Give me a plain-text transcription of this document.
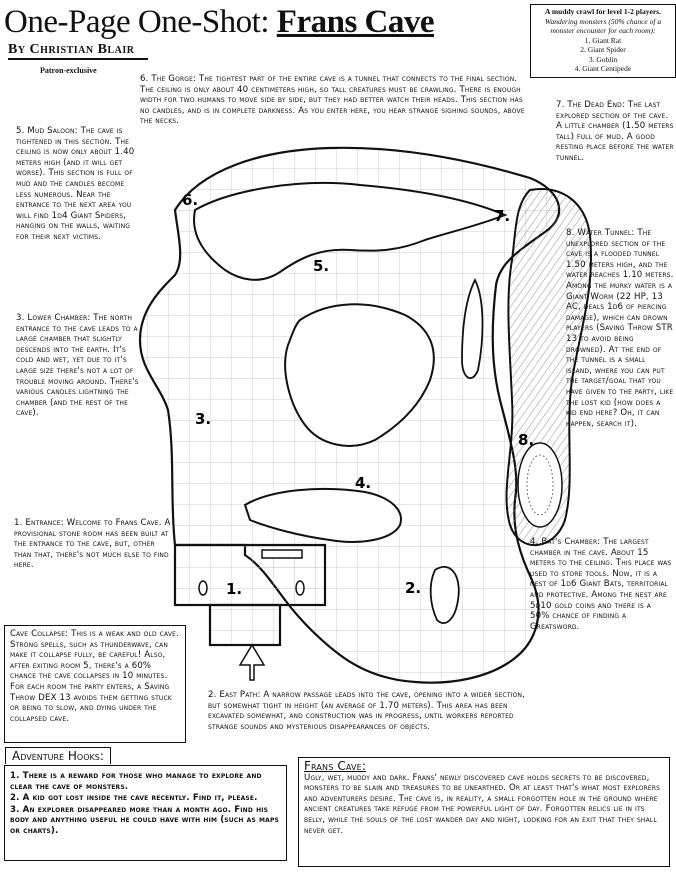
One-Page One-Shot: Frans Cave
By Christian Blair
Patron-exclusive
A muddy crawl for level 1-2 players.
Wandering monsters (50% chance of a monster encounter for each room):
1. Giant Rat
2. Giant Spider
3. Goblin
4. Giant Centipede
1.	2.
3.
4.
5.
6.
7.
8.
6. The Gorge: The tightest part of the entire cave is a tunnel that connects to the final section. The ceiling is only about 40 centimeters high, so tall creatures must be crawling. There is enough width for two humans to move side by side, but they had better watch their heads. This section has no candles, and is in complete darkness. As you enter here, you hear strange sighing sounds, above the necks.
5. Mud Saloon: The cave is tightened in this section. The ceiling is now only about 1.40 meters high (and it will get worse). This section is full of mud and the candles become less numerous. Near the entrance to the next area you will find 1d4 Giant Spiders, hanging on the walls, waiting for their next victims.
3. Lower Chamber: The north entrance to the cave leads to a large chamber that slightly descends into the earth. It's cold and wet, yet due to it's large size there's not a lot of trouble moving around. There's various candles lightning the chamber (and the rest of the cave).
1. Entrance: Welcome to Frans Cave. A provisional stone room has been built at the entrance to the cave, but, other than that, there's not much else to find here.
7. The Dead End: The last explored section of the cave. A little chamber (1.50 meters tall) full of mud. A good resting place before the water tunnel.
8. Water Tunnel: The unexplored section of the cave is a flooded tunnel 1.50 meters high, and the water reaches 1.10 meters. Among the murky water is a Giant Worm (22 HP, 13 AC, deals 1d6 of piercing damage), which can drown players (Saving Throw STR 13 to avoid being drowned). At the end of the tunnel is a small island, where you can put the target/goal that you have given to the party, like the lost kid (how does a kid end here? Oh, it can happen, search it).
4. Bat's Chamber: The largest chamber in the cave. About 15 meters to the ceiling. This place was used to store tools. Now, it is a nest of 1d6 Giant Bats, territorial and protective. Among the nest are 5d10 gold coins and there is a 50% chance of finding a Greatsword.
2. East Path: A narrow passage leads into the cave, opening into a wider section, but somewhat tight in height (an average of 1.70 meters). This area has been excavated somewhat, and construction was in progress, until workers reported strange sounds and mysterious disappearances of objects.
Cave Collapse: This is a weak and old cave. Strong spells, such as thunderwave, can make it collapse fully, be careful! Also, after exiting room 5, there's a 60% chance the cave collapses in 10 minutes. For each room the party enters, a Saving Throw DEX 13 avoids them getting stuck or being to slow, and dying under the collapsed cave.
Adventure Hooks:
1. There is a reward for those who manage to explore and clear the cave of monsters.
2. A kid got lost inside the cave recently. Find it, please.
3. An explorer disappeared more than a month ago. Find his body and anything useful he could have with him (such as maps or charts).
Frans Cave:
Ugly, wet, muddy and dark. Frans' newly discovered cave holds secrets to be discovered, monsters to be slain and treasures to be unearthed. Or at least that's what most explorers and adventurers desire. The cave is, in reality, a small forgotten hole in the ground where ancient creatures take refuge from the powerful light of day. Forgotten relics lie in its belly, while the souls of the lost wander day and night, looking for an exit that they shall never get.
